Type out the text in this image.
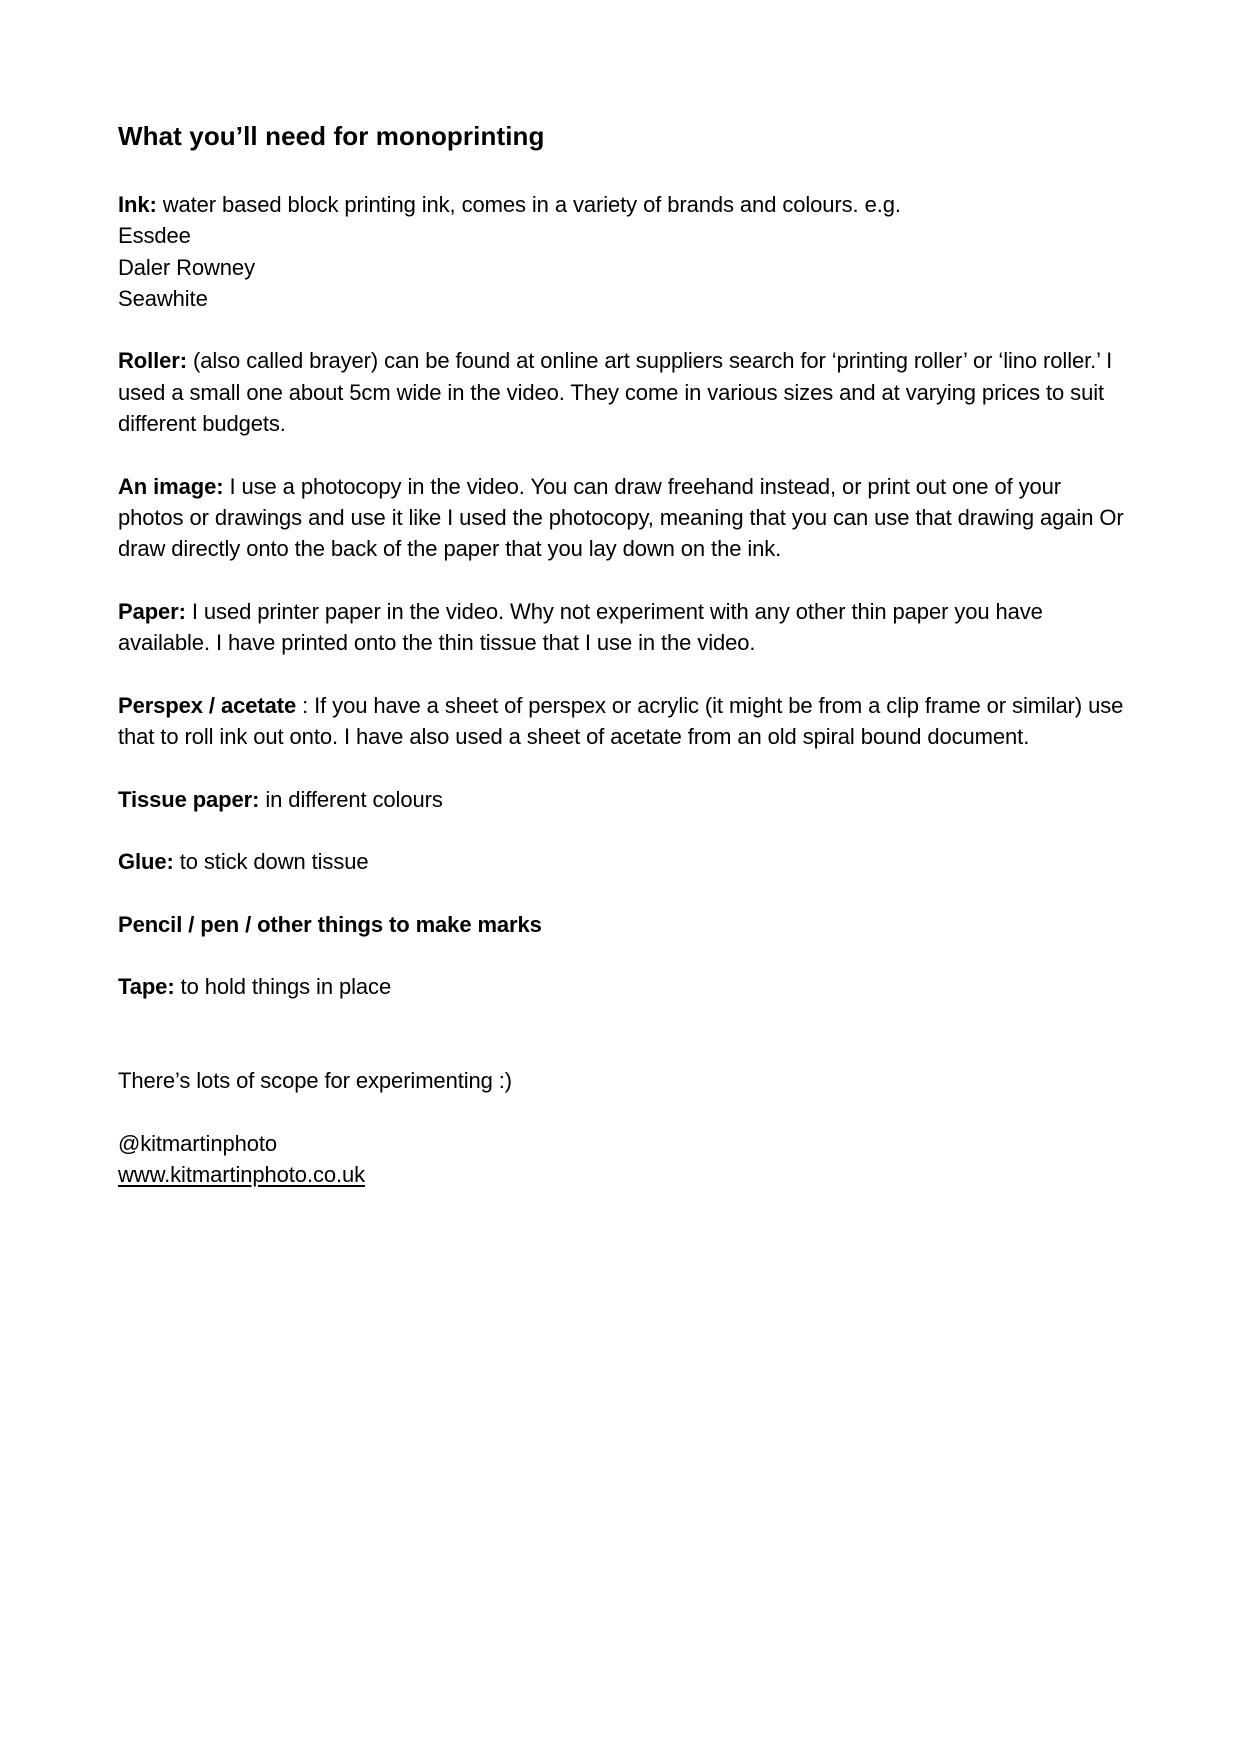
What you’ll need for monoprinting

Ink: water based block printing ink, comes in a variety of brands and colours. e.g.
Essdee
Daler Rowney
Seawhite

Roller: (also called brayer) can be found at online art suppliers search for ‘printing roller’ or ‘lino roller.’ I used a small one about 5cm wide in the video. They come in various sizes and at varying prices to suit different budgets.

An image: I use a photocopy in the video. You can draw freehand instead, or print out one of your photos or drawings and use it like I used the photocopy, meaning that you can use that drawing again Or draw directly onto the back of the paper that you lay down on the ink.

Paper: I used printer paper in the video. Why not experiment with any other thin paper you have available. I have printed onto the thin tissue that I use in the video.

Perspex / acetate : If you have a sheet of perspex or acrylic (it might be from a clip frame or similar) use that to roll ink out onto. I have also used a sheet of acetate from an old spiral bound document.

Tissue paper: in different colours

Glue: to stick down tissue

Pencil / pen / other things to make marks

Tape: to hold things in place

There’s lots of scope for experimenting :)

@kitmartinphoto
www.kitmartinphoto.co.uk
